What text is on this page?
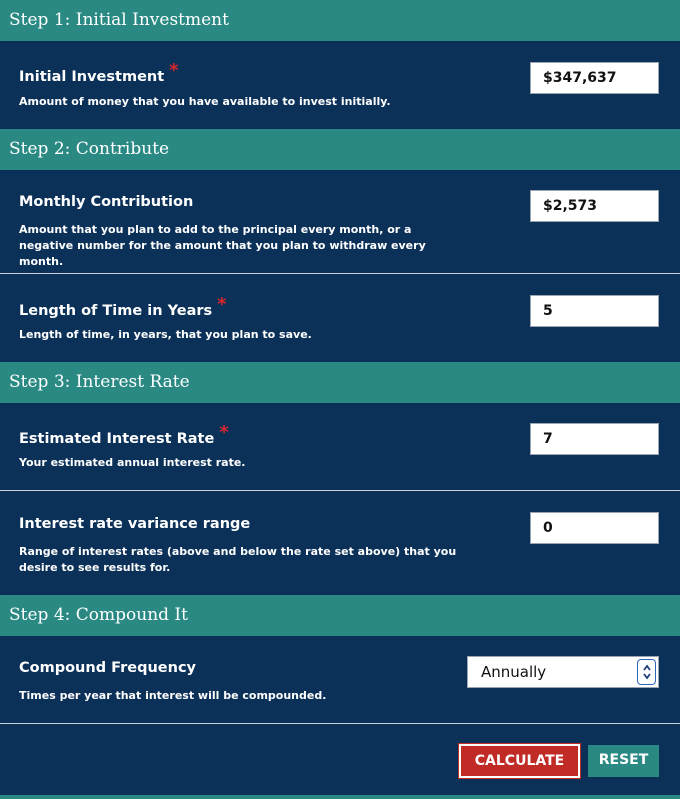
Step 1: Initial Investment
Initial Investment *
Amount of money that you have available to invest initially.
$347,637
Step 2: Contribute
Monthly Contribution
Amount that you plan to add to the principal every month, or a negative number for the amount that you plan to withdraw every month.
$2,573
Length of Time in Years *
Length of time, in years, that you plan to save.
5
Step 3: Interest Rate
Estimated Interest Rate *
Your estimated annual interest rate.
7
Interest rate variance range
Range of interest rates (above and below the rate set above) that you desire to see results for.
0
Step 4: Compound It
Compound Frequency
Times per year that interest will be compounded.
Annually
CALCULATE	RESET
